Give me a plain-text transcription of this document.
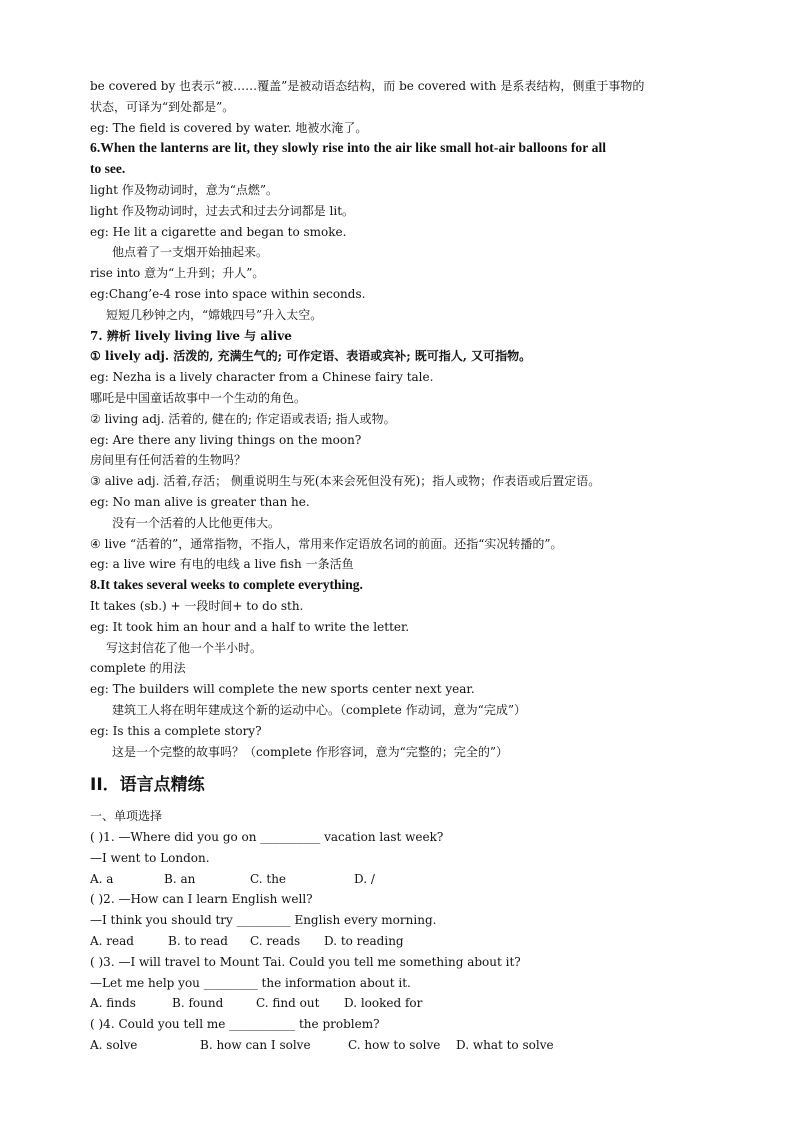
be covered by 也表示“被……覆盖”是被动语态结构，而 be covered with 是系表结构，侧重于事物的
状态，可译为“到处都是”。
eg: The field is covered by water. 地被水淹了。
6.When the lanterns are lit, they slowly rise into the air like small hot-air balloons for all
to see.
light 作及物动词时，意为“点燃”。
light 作及物动词时，过去式和过去分词都是 lit。
eg: He lit a cigarette and began to smoke.
他点着了一支烟开始抽起来。
rise into 意为“上升到；升人”。
eg:Chang’e-4 rose into space within seconds.
短短几秒钟之内，“嫦娥四号”升入太空。
7. 辨析 lively living live 与 alive
① lively adj. 活泼的, 充满生气的; 可作定语、表语或宾补; 既可指人, 又可指物。
eg: Nezha is a lively character from a Chinese fairy tale.
哪吒是中国童话故事中一个生动的角色。
② living adj. 活着的, 健在的; 作定语或表语; 指人或物。
eg: Are there any living things on the moon?
房间里有任何活着的生物吗？
③ alive adj. 活着,存活； 侧重说明生与死(本来会死但没有死)；指人或物；作表语或后置定语。
eg: No man alive is greater than he.
没有一个活着的人比他更伟大。
④ live “活着的”，通常指物，不指人，常用来作定语放名词的前面。还指“实况转播的”。
eg: a live wire 有电的电线 a live fish 一条活鱼
8.It takes several weeks to complete everything.
It takes (sb.) + 一段时间+ to do sth.
eg: It took him an hour and a half to write the letter.
写这封信花了他一个半小时。
complete 的用法
eg: The builders will complete the new sports center next year.
建筑工人将在明年建成这个新的运动中心。（complete 作动词，意为“完成”）
eg: Is this a complete story?
这是一个完整的故事吗？（complete 作形容词，意为“完整的；完全的”）
II．语言点精练
一、单项选择
( )1. —Where did you go on __________ vacation last week?
—I went to London.
A. a	B. an	C. the	D. /
( )2. —How can I learn English well?
—I think you should try _________ English every morning.
A. read	B. to read C. reads D. to reading
( )3. —I will travel to Mount Tai. Could you tell me something about it?
—Let me help you _________ the information about it.
A. finds	B. found	C. find out D. looked for
( )4. Could you tell me ___________ the problem?
A. solve	B. how can I solve	C. how to solve D. what to solve
